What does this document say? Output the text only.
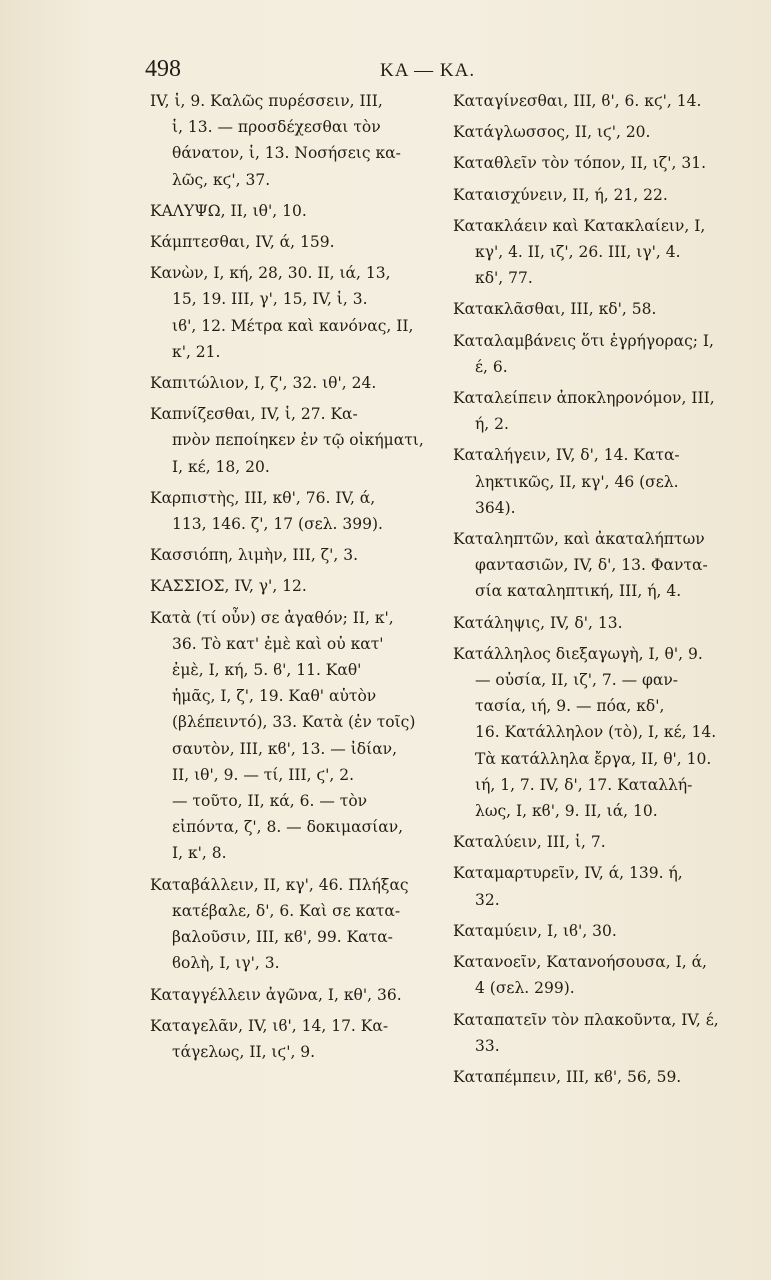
498	ΚΑ — ΚΑ.
IV, ἱ, 9. Καλῶς πυρέσσειν, III,
ἱ, 13. — προσδέχεσθαι τὸν
θάνατον, ἱ, 13. Νοσήσεις κα-
λῶς, κϛ', 37.
ΚΑΛΥΨΩ, II, ιθ', 10.
Κάμπτεσθαι, IV, ά, 159.
Κανὼν, I, κή, 28, 30. II, ιά, 13,
15, 19. III, γ', 15, IV, ἱ, 3.
ιϐ', 12. Μέτρα καὶ κανόνας, II,
κ', 21.
Καπιτώλιον, I, ζ', 32. ιθ', 24.
Καπνίζεσθαι, IV, ἱ, 27. Κα-
πνὸν πεποίηκεν ἐν τῷ οἰκήματι,
I, κέ, 18, 20.
Καρπιστὴς, III, κθ', 76. IV, ά,
113, 146. ζ', 17 (σελ. 399).
Κασσιόπη, λιμὴν, III, ζ', 3.
ΚΑΣΣΙΟΣ, IV, γ', 12.
Κατὰ (τί οὖν) σε ἀγαθόν; II, κ',
36. Τὸ κατ' ἐμὲ καὶ οὐ κατ'
ἐμὲ, I, κή, 5. ϐ', 11. Καθ'
ἡμᾶς, I, ζ', 19. Καθ' αὑτὸν
(βλέπειντό), 33. Κατὰ (ἐν τοῖς)
σαυτὸν, III, κϐ', 13. — ἰδίαν,
II, ιθ', 9. — τί, III, ϛ', 2.
— τοῦτο, II, κά, 6. — τὸν
εἰπόντα, ζ', 8. — δοκιμασίαν,
I, κ', 8.
Καταβάλλειν, II, κγ', 46. Πλήξας
κατέβαλε, δ', 6. Καὶ σε κατα-
βαλοῦσιν, III, κϐ', 99. Κατα-
ϐολὴ, I, ιγ', 3.
Καταγγέλλειν ἀγῶνα, I, κθ', 36.
Καταγελᾶν, IV, ιϐ', 14, 17. Κα-
τάγελως, II, ιϛ', 9.
Καταγίνεσθαι, III, ϐ', 6. κϛ', 14.
Κατάγλωσσος, II, ιϛ', 20.
Καταθλεῖν τὸν τόπον, II, ιζ', 31.
Καταισχύνειν, II, ή, 21, 22.
Κατακλάειν καὶ Κατακλαίειν, I,
κγ', 4. II, ιζ', 26. III, ιγ', 4.
κδ', 77.
Κατακλᾶσθαι, III, κδ', 58.
Καταλαμβάνεις ὅτι ἐγρήγορας; I,
έ, 6.
Καταλείπειν ἀποκληρονόμον, III,
ή, 2.
Καταλήγειν, IV, δ', 14. Κατα-
ληκτικῶς, II, κγ', 46 (σελ.
364).
Καταληπτῶν, καὶ ἀκαταλήπτων
φαντασιῶν, IV, δ', 13. Φαντα-
σία καταληπτική, III, ή, 4.
Κατάληψις, IV, δ', 13.
Κατάλληλος διεξαγωγὴ, I, θ', 9.
— οὐσία, II, ιζ', 7. — φαν-
τασία, ιή, 9. — πόα, κδ',
16. Κατάλληλον (τὸ), I, κέ, 14.
Τὰ κατάλληλα ἔργα, II, θ', 10.
ιή, 1, 7. IV, δ', 17. Καταλλή-
λως, I, κϐ', 9. II, ιά, 10.
Καταλύειν, III, ἱ, 7.
Καταμαρτυρεῖν, IV, ά, 139. ή,
32.
Καταμύειν, I, ιϐ', 30.
Κατανοεῖν, Κατανοήσουσα, I, ά,
4 (σελ. 299).
Καταπατεῖν τὸν πλακοῦντα, IV, έ,
33.
Καταπέμπειν, III, κϐ', 56, 59.
